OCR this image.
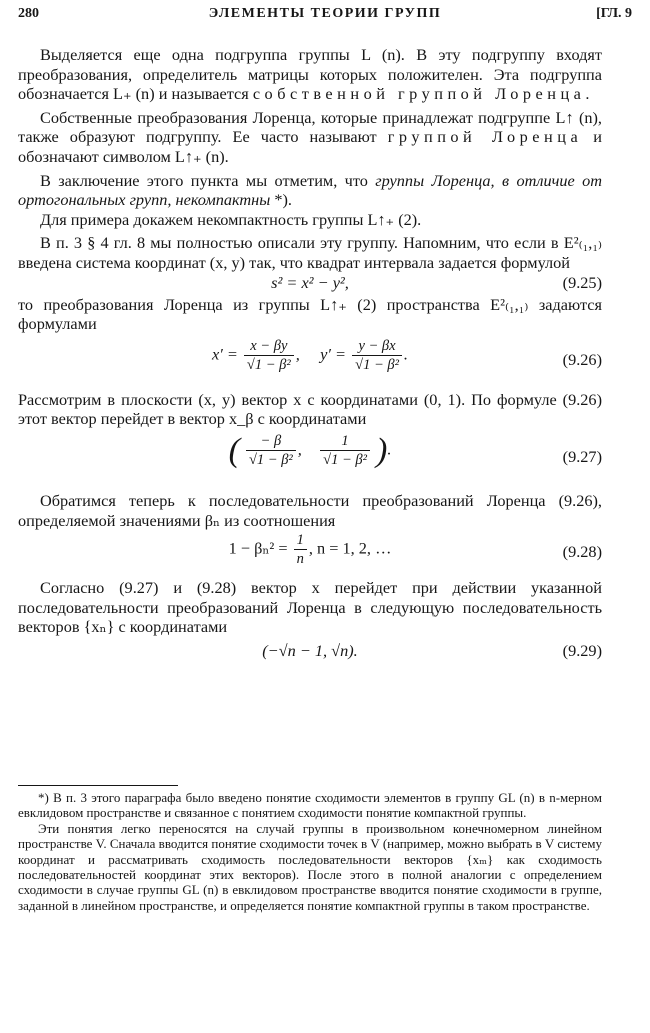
280	ЭЛЕМЕНТЫ ТЕОРИИ ГРУПП	[ГЛ. 9

Выделяется еще одна подгруппа группы L (n). В эту подгруппу входят преобразования, определитель матрицы которых положителен. Эта подгруппа обозначается L₊ (n) и называется собственной группой Лоренца.

Собственные преобразования Лоренца, которые принадлежат подгруппе L↑ (n), также образуют подгруппу. Ее часто называют группой Лоренца и обозначают символом L↑₊ (n).

В заключение этого пункта мы отметим, что группы Лоренца, в отличие от ортогональных групп, некомпактны *).

Для примера докажем некомпактность группы L↑₊ (2).

В п. 3 § 4 гл. 8 мы полностью описали эту группу. Напомним, что если в E²₍₁,₁₎ введена система координат (x, y) так, что квадрат интервала задается формулой

s² = x² − y²,	(9.25)

то преобразования Лоренца из группы L↑₊ (2) пространства E²₍₁,₁₎ задаются формулами

$x' = \frac{x - \beta y}{\text{√1 − β²}}$ , $y' = \frac{y - \beta x}{\text{√1 − β²}}$ .	(9.26)

Рассмотрим в плоскости (x, y) вектор x с координатами (0, 1). По формуле (9.26) этот вектор перейдет в вектор x_β с координатами

( $\frac{- \beta}{\text{√1 − β²}}$ , $\frac{1}{\text{√1 − β²}}$ ).	(9.27)

Обратимся теперь к последовательности преобразований Лоренца (9.26), определяемой значениями βₙ из соотношения

$1 - \beta_n^2 = \frac{1}{n}$ , n = 1, 2, …	(9.28)

Согласно (9.27) и (9.28) вектор x перейдет при действии указанной последовательности преобразований Лоренца в следующую последовательность векторов {xₙ} с координатами

(−√n − 1, √n).	(9.29)

*) В п. 3 этого параграфа было введено понятие сходимости элементов в группу GL (n) в n-мерном евклидовом пространстве и связанное с понятием сходимости понятие компактной группы.

Эти понятия легко переносятся на случай группы в произвольном конечномерном линейном пространстве V. Сначала вводится понятие сходимости точек в V (например, можно выбрать в V систему координат и рассматривать сходимость последовательности векторов {xₘ} как сходимость последовательностей координат этих векторов). После этого в полной аналогии с определением сходимости в случае группы GL (n) в евклидовом пространстве вводится понятие сходимости в группе, заданной в линейном пространстве, и определяется понятие компактной группы в таком пространстве.
